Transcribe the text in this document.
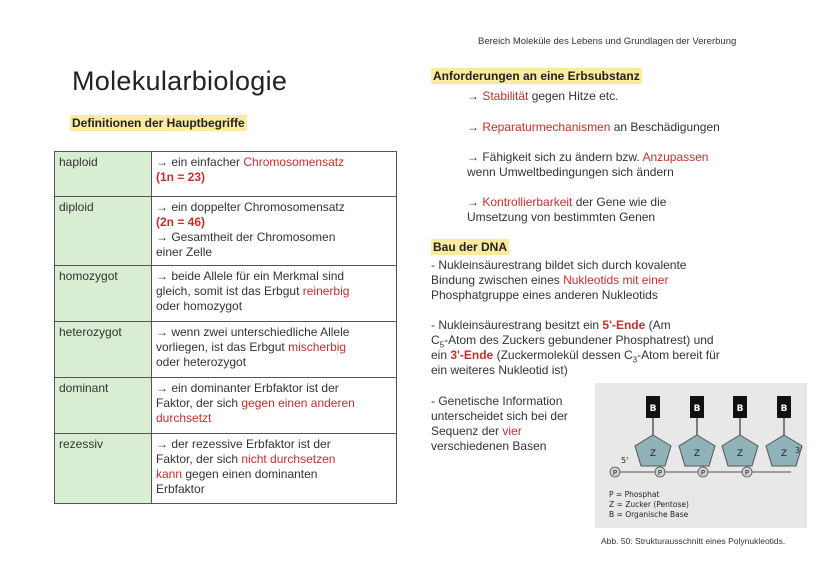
Bereich Moleküle des Lebens und Grundlagen der Vererbung
Molekularbiologie
Definitionen der Hauptbegriffe
haploid	→ ein einfacher Chromosomensatz
(1n = 23)

diploid	→ ein doppelter Chromosomensatz
(2n = 46)
→ Gesamtheit der Chromosomen
einer Zelle

homozygot	→ beide Allele für ein Merkmal sind
gleich, somit ist das Erbgut reinerbig
oder homozygot

heterozygot	→ wenn zwei unterschiedliche Allele
vorliegen, ist das Erbgut mischerbig
oder heterozygot

dominant	→ ein dominanter Erbfaktor ist der
Faktor, der sich gegen einen anderen
durchsetzt

rezessiv	→ der rezessive Erbfaktor ist der
Faktor, der sich nicht durchsetzen
kann gegen einen dominanten
Erbfaktor
Anforderungen an eine Erbsubstanz
→ Stabilität gegen Hitze etc.
→ Reparaturmechanismen an Beschädigungen
→ Fähigkeit sich zu ändern bzw. Anzupassen
wenn Umweltbedingungen sich ändern
→ Kontrollierbarkeit der Gene wie die
Umsetzung von bestimmten Genen
Bau der DNA
- Nukleinsäurestrang bildet sich durch kovalente
Bindung zwischen eines Nukleotids mit einer
Phosphatgruppe eines anderen Nukleotids
- Nukleinsäurestrang besitzt ein 5'-Ende (Am
$C_5$-Atom des Zuckers gebundener Phosphatrest) und
ein 3'-Ende (Zuckermolekül dessen $C_3$-Atom bereit für
ein weiteres Nukleotid ist)
- Genetische Information
unterscheidet sich bei der
Sequenz der vier
verschiedenen Basen
B
Z
P
5'
B
Z
P
B
Z
P
B
Z
P
3'
P = Phosphat
Z = Zucker (Pentose)
B = Organische Base
Abb. 50: Strukturausschnitt eines Polynukleotids.
